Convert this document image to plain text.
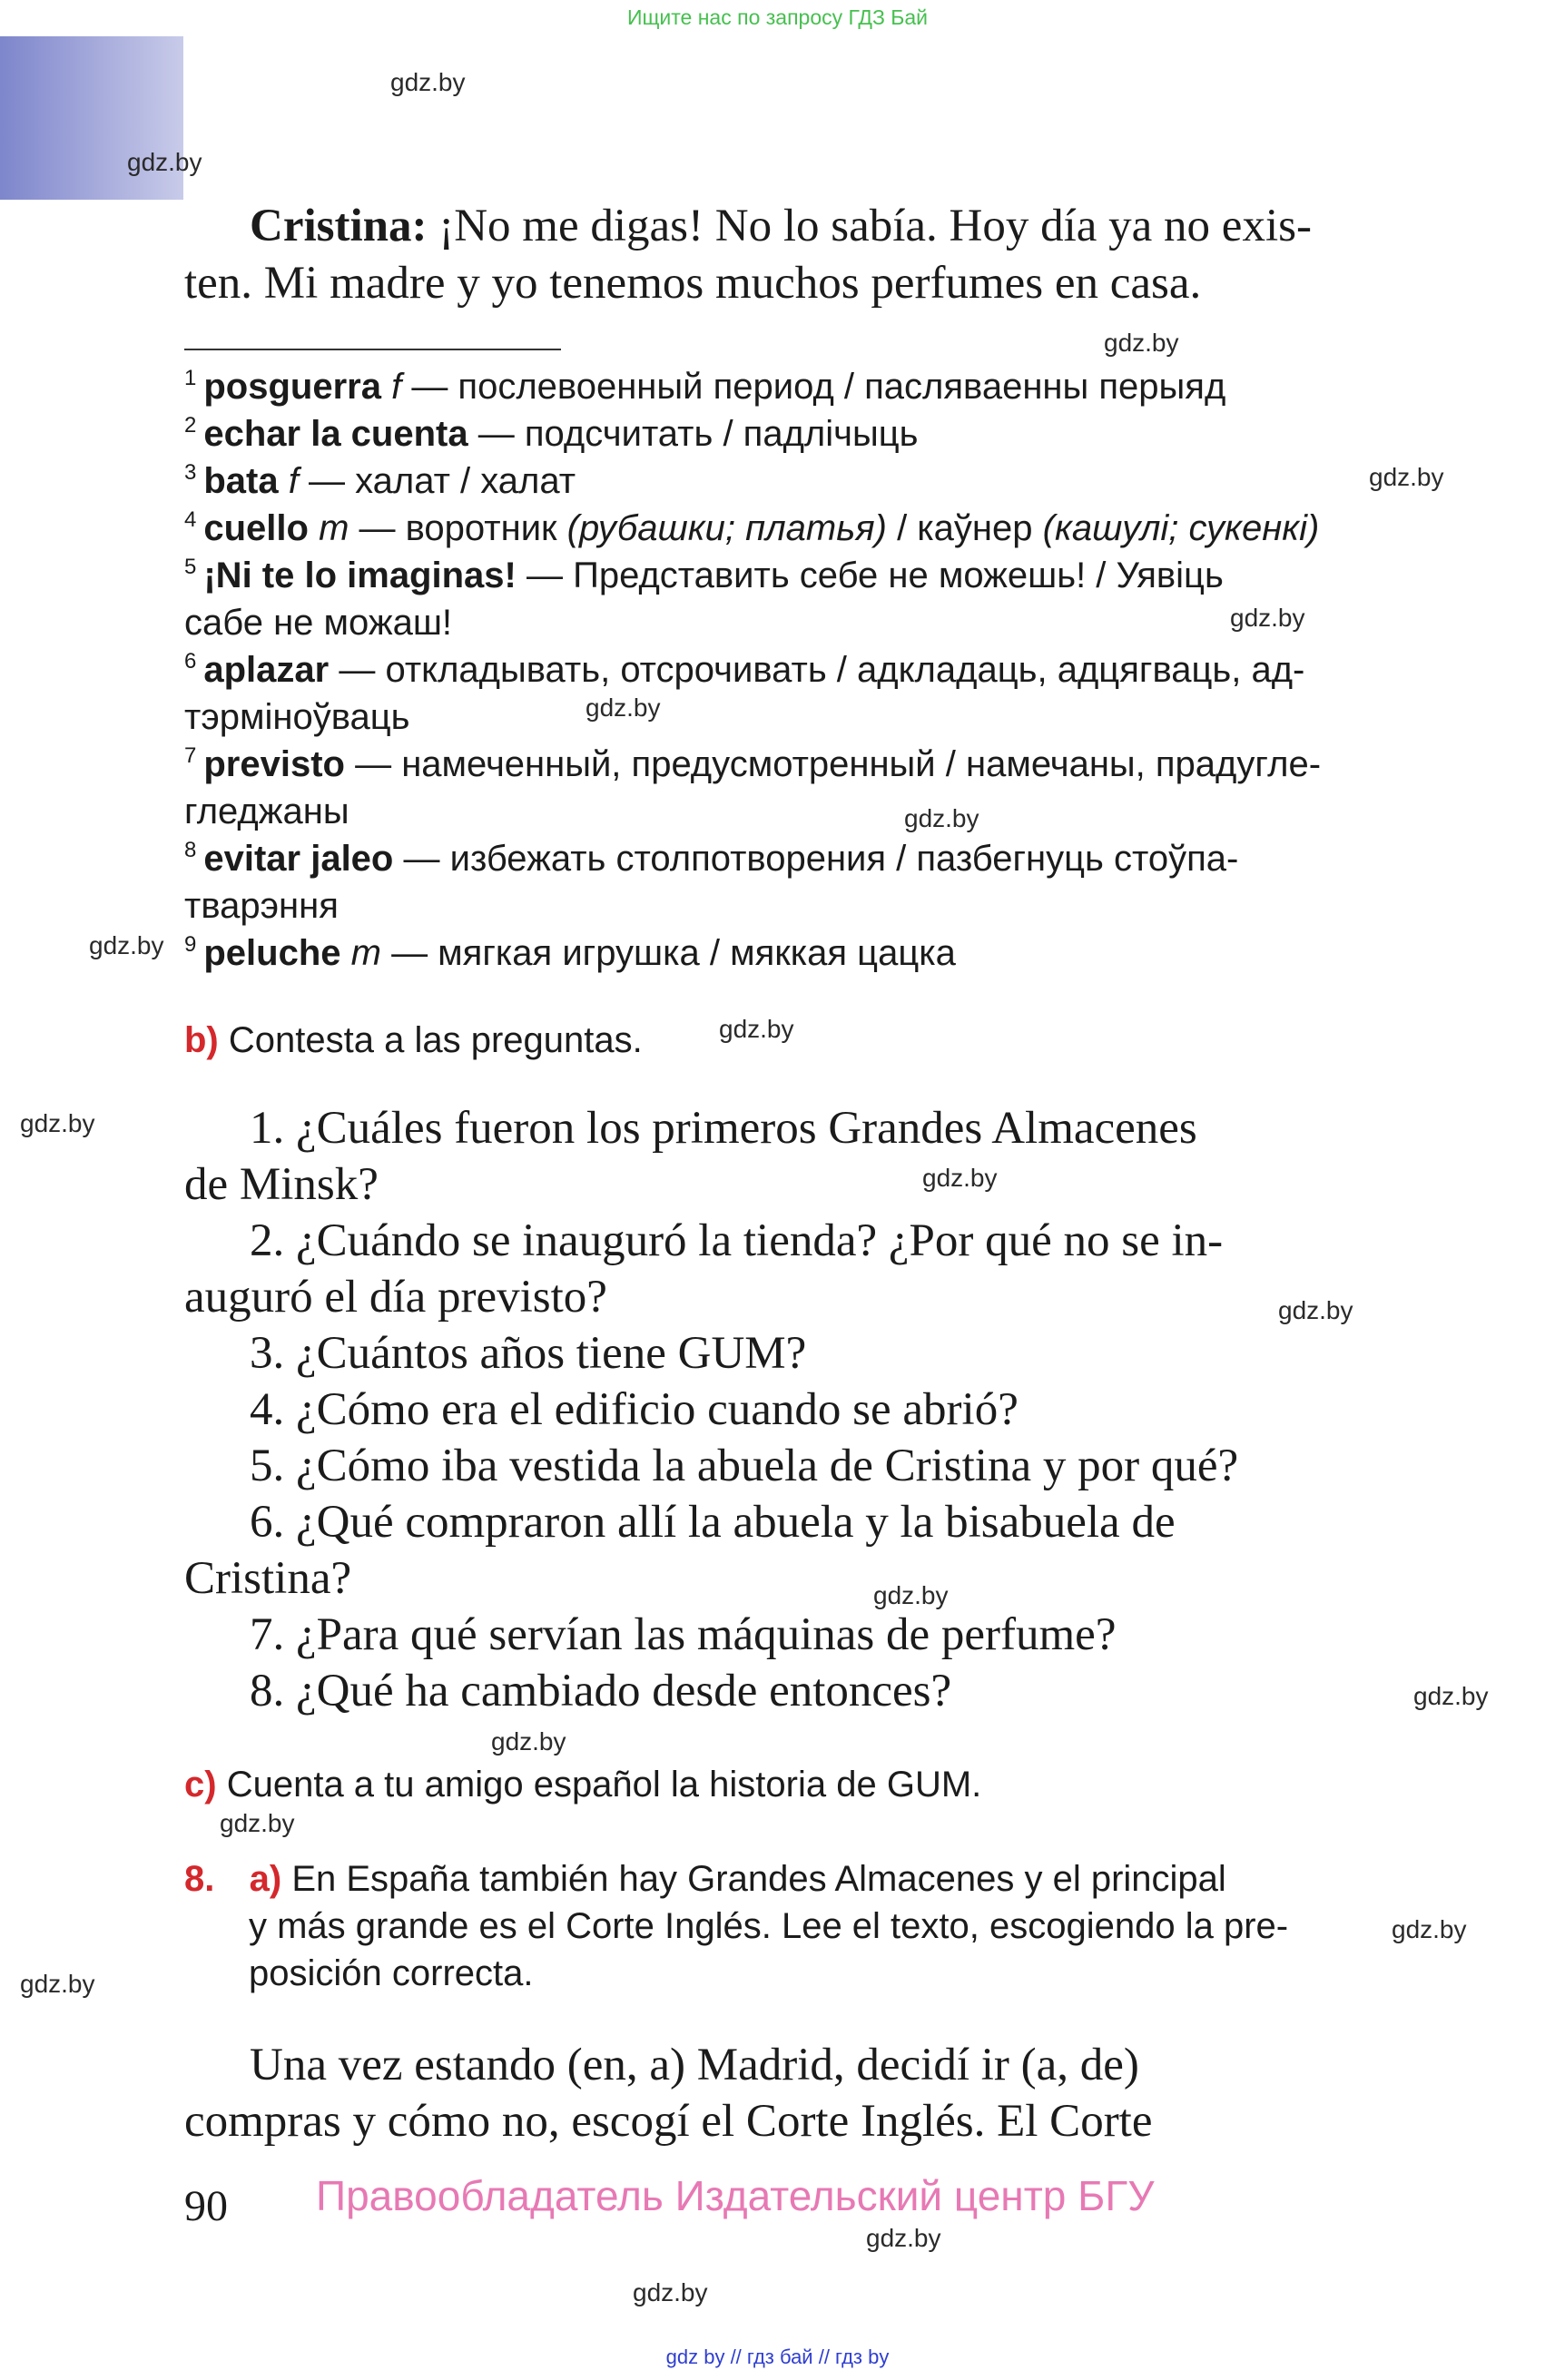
Ищите нас по запросу ГДЗ Бай
gdz.by
gdz.by
gdz.by
gdz.by
gdz.by
gdz.by
gdz.by
gdz.by
gdz.by
gdz.by
gdz.by
gdz.by
gdz.by
gdz.by
gdz.by
gdz.by
gdz.by
gdz.by
gdz.by
gdz.by
Cristina: ¡No me digas! No lo sabía. Hoy día ya no exis-
ten. Mi madre y yo tenemos muchos perfumes en casa.
$^1$ posguerra f — послевоенный период / пасляваенны перыяд
$^2$ echar la cuenta — подсчитать / падлічыць
$^3$ bata f — халат / халат
$^4$ cuello m — воротник (рубашки; платья) / каўнер (кашулі; сукенкі)
$^5$ ¡Ni te lo imaginas! — Представить себе не можешь! / Уявіць
сабе не можаш!
$^6$ aplazar — откладывать, отсрочивать / адкладаць, адцягваць, ад-
тэрміноўваць
$^7$ previsto — намеченный, предусмотренный / намечаны, прадугле-
гледжаны
$^8$ evitar jaleo — избежать столпотворения / пазбегнуць стоўпа-
тварэння
$^9$ peluche m — мягкая игрушка / мяккая цацка
b) Contesta a las preguntas.
1. ¿Cuáles fueron los primeros Grandes Almacenes
de Minsk?
2. ¿Cuándo se inauguró la tienda? ¿Por qué no se in-
auguró el día previsto?
3. ¿Cuántos años tiene GUM?
4. ¿Cómo era el edificio cuando se abrió?
5. ¿Cómo iba vestida la abuela de Cristina y por qué?
6. ¿Qué compraron allí la abuela y la bisabuela de
Cristina?
7. ¿Para qué servían las máquinas de perfume?
8. ¿Qué ha cambiado desde entonces?
c) Cuenta a tu amigo español la historia de GUM.
8. a) En España también hay Grandes Almacenes y el principal
y más grande es el Corte Inglés. Lee el texto, escogiendo la pre-
posición correcta.
Una vez estando (en, a) Madrid, decidí ir (a, de)
compras y cómo no, escogí el Corte Inglés. El Corte
90 Правообладатель Издательский центр БГУ
gdz by // гдз бай // гдз by
